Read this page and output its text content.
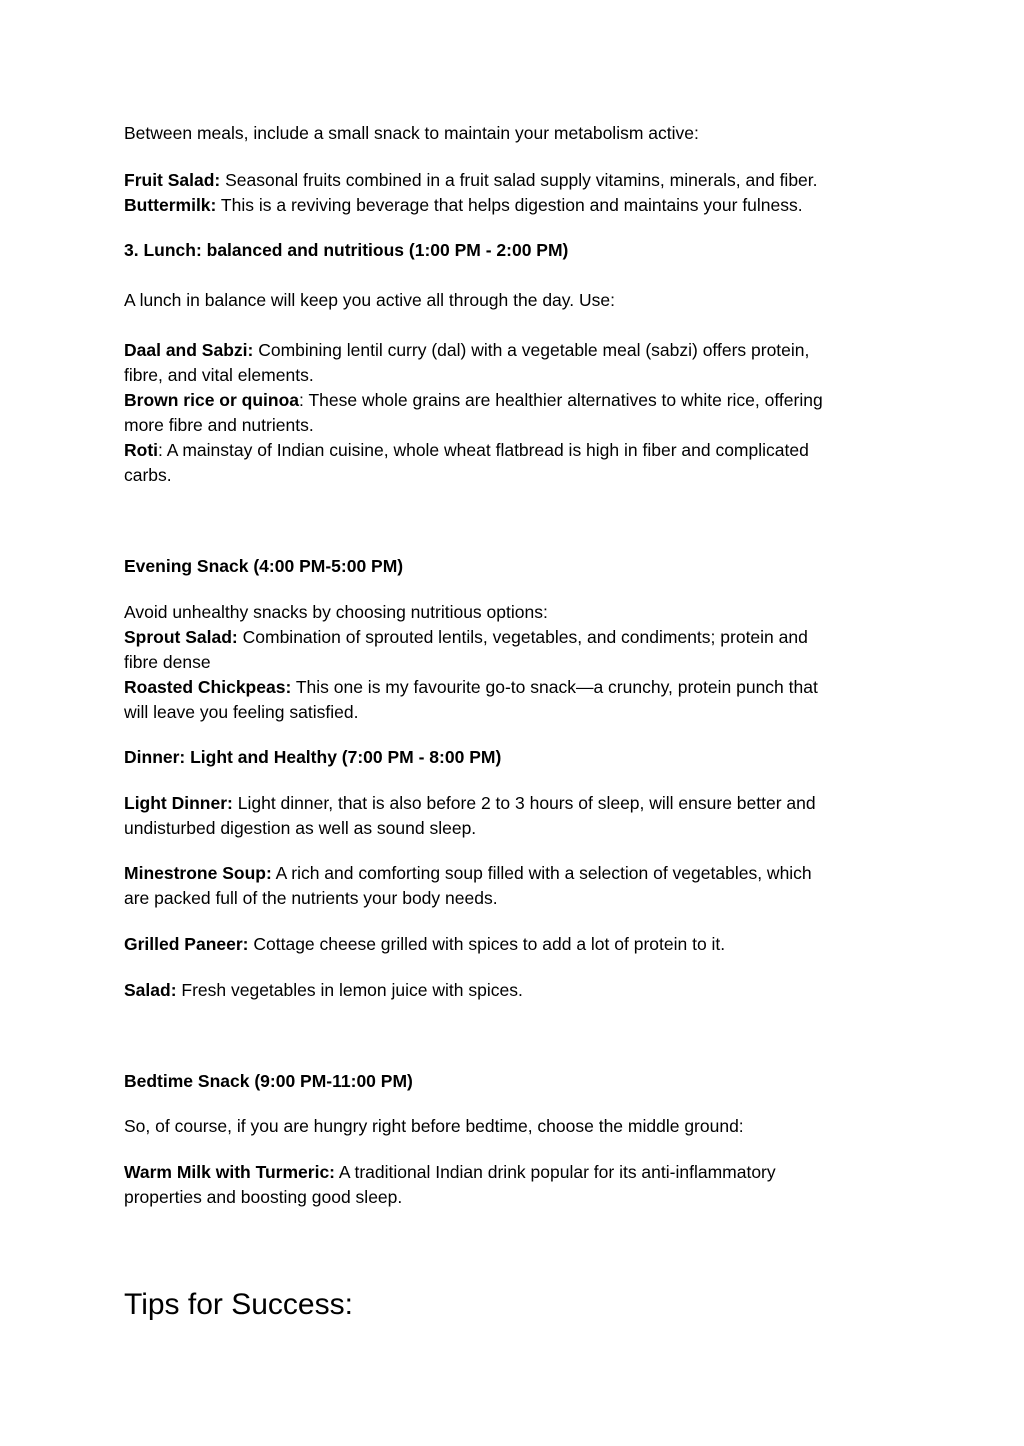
Between meals, include a small snack to maintain your metabolism active:
Fruit Salad: Seasonal fruits combined in a fruit salad supply vitamins, minerals, and fiber.
Buttermilk: This is a reviving beverage that helps digestion and maintains your fulness.
3. Lunch: balanced and nutritious (1:00 PM - 2:00 PM)
A lunch in balance will keep you active all through the day. Use:
Daal and Sabzi: Combining lentil curry (dal) with a vegetable meal (sabzi) offers protein,
fibre, and vital elements.
Brown rice or quinoa: These whole grains are healthier alternatives to white rice, offering
more fibre and nutrients.
Roti: A mainstay of Indian cuisine, whole wheat flatbread is high in fiber and complicated
carbs.
Evening Snack (4:00 PM-5:00 PM)
Avoid unhealthy snacks by choosing nutritious options:
Sprout Salad: Combination of sprouted lentils, vegetables, and condiments; protein and
fibre dense
Roasted Chickpeas: This one is my favourite go-to snack—a crunchy, protein punch that
will leave you feeling satisfied.
Dinner: Light and Healthy (7:00 PM - 8:00 PM)
Light Dinner: Light dinner, that is also before 2 to 3 hours of sleep, will ensure better and
undisturbed digestion as well as sound sleep.
Minestrone Soup: A rich and comforting soup filled with a selection of vegetables, which
are packed full of the nutrients your body needs.
Grilled Paneer: Cottage cheese grilled with spices to add a lot of protein to it.
Salad: Fresh vegetables in lemon juice with spices.
Bedtime Snack (9:00 PM-11:00 PM)
So, of course, if you are hungry right before bedtime, choose the middle ground:
Warm Milk with Turmeric: A traditional Indian drink popular for its anti-inflammatory
properties and boosting good sleep.
Tips for Success:
